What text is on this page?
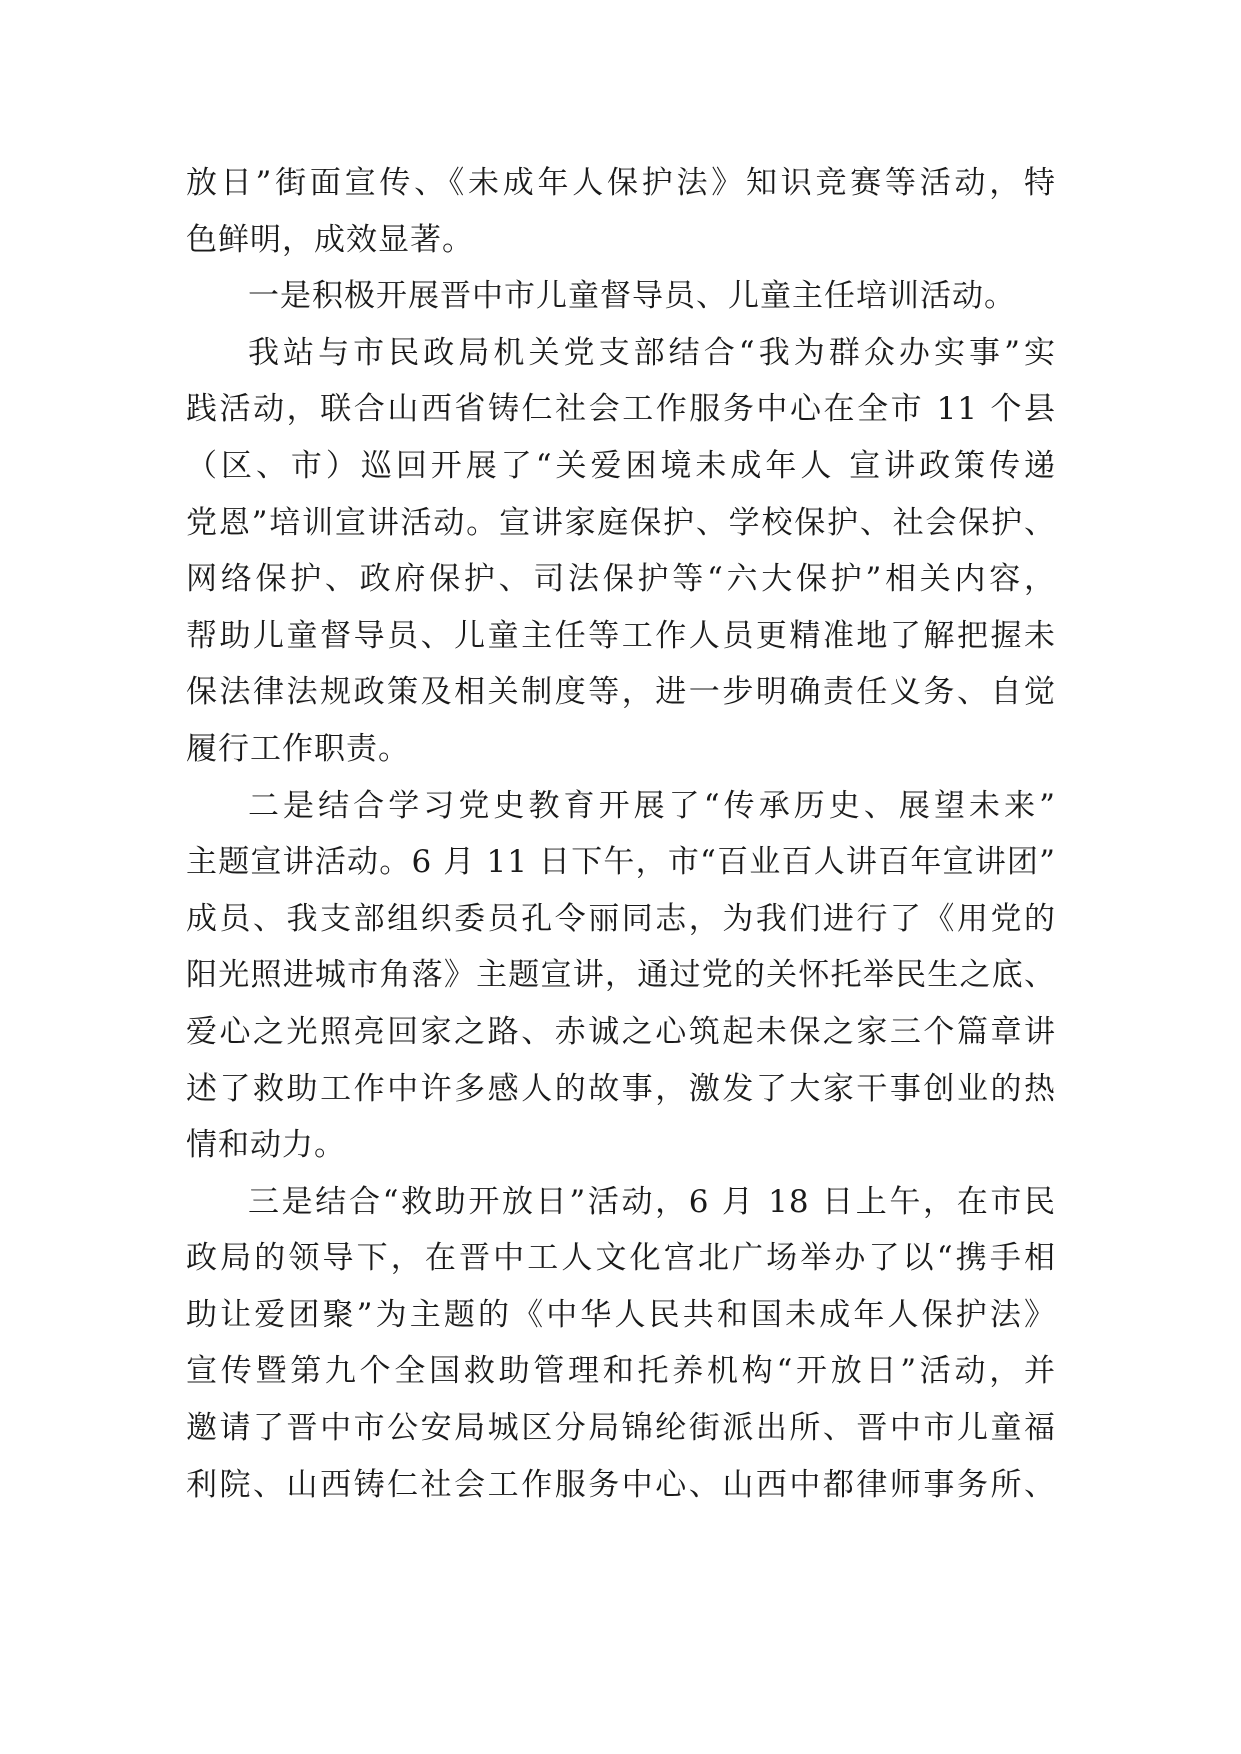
放日”街面宣传、《未成年人保护法》知识竞赛等活动，特
色鲜明，成效显著。
一是积极开展晋中市儿童督导员、儿童主任培训活动。
我站与市民政局机关党支部结合“我为群众办实事”实
践活动，联合山西省铸仁社会工作服务中心在全市 11 个县
（区、市）巡回开展了“关爱困境未成年人 宣讲政策传递
党恩”培训宣讲活动。宣讲家庭保护、学校保护、社会保护、
网络保护、政府保护、司法保护等“六大保护”相关内容，
帮助儿童督导员、儿童主任等工作人员更精准地了解把握未
保法律法规政策及相关制度等，进一步明确责任义务、自觉
履行工作职责。
二是结合学习党史教育开展了“传承历史、展望未来”
主题宣讲活动。6 月 11 日下午，市“百业百人讲百年宣讲团”
成员、我支部组织委员孔令丽同志，为我们进行了《用党的
阳光照进城市角落》主题宣讲，通过党的关怀托举民生之底、
爱心之光照亮回家之路、赤诚之心筑起未保之家三个篇章讲
述了救助工作中许多感人的故事，激发了大家干事创业的热
情和动力。
三是结合“救助开放日”活动，6 月 18 日上午，在市民
政局的领导下，在晋中工人文化宫北广场举办了以“携手相
助让爱团聚”为主题的《中华人民共和国未成年人保护法》
宣传暨第九个全国救助管理和托养机构“开放日”活动，并
邀请了晋中市公安局城区分局锦纶街派出所、晋中市儿童福
利院、山西铸仁社会工作服务中心、山西中都律师事务所、
